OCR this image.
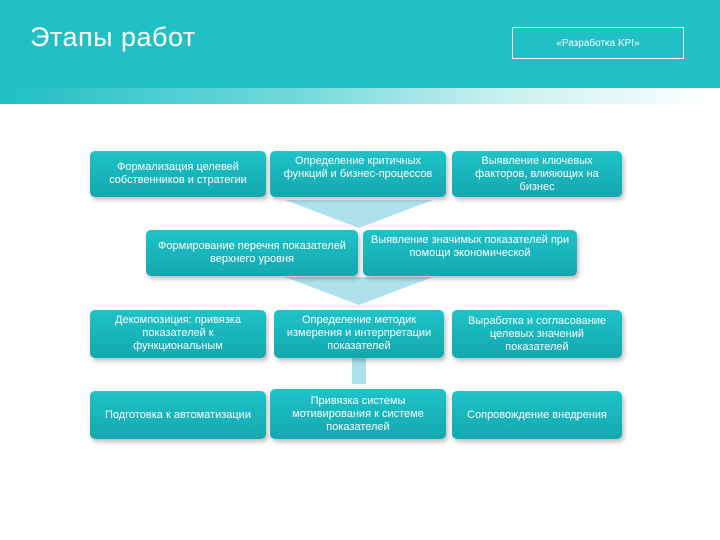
Этапы работ	«Разработка KPI»
Формализация целевей собственников и стратегии
Определение критичных функций и бизнес-процессов
Выявление ключевых факторов, влияющих на бизнес
Формирование перечня показателей верхнего уровня
Выявление значимых показателей при помощи экономической
Декомпозиция: привязка показателей к функциональным
Определение методик измерения и интерпретации показателей
Выработка и согласование целевых значений показателей
Подготовка к автоматизации
Привязка системы мотивирования к системе показателей
Сопровождение внедрения
